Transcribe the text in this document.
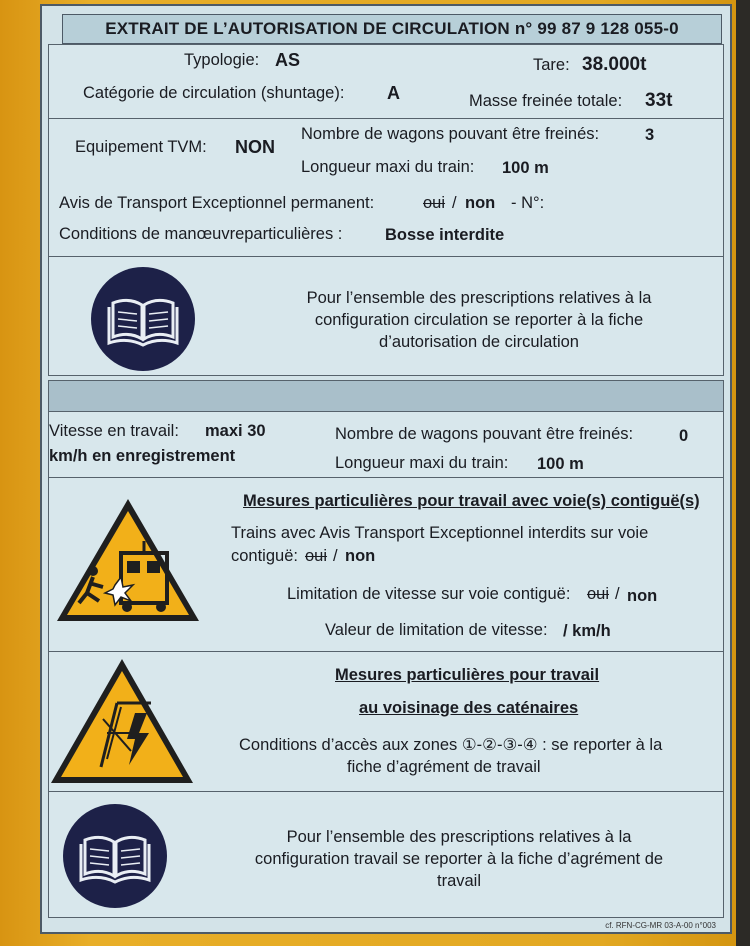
EXTRAIT DE L’AUTORISATION DE CIRCULATION n° 99 87 9 128 055-0
Typologie: AS	Tare: 38.000t
Catégorie de circulation (shuntage): A	Masse freinée totale: 33t
Equipement TVM: NON
Nombre de wagons pouvant être freinés:	3
Longueur maxi du train: 100 m
Avis de Transport Exceptionnel permanent:	oui / non - N°:
Conditions de manœuvreparticulières :	Bosse interdite
Pour l’ensemble des prescriptions relatives à la
configuration circulation se reporter à la fiche
d’autorisation de circulation
Vitesse en travail: maxi 30
km/h en enregistrement
Nombre de wagons pouvant être freinés:	0
Longueur maxi du train: 100 m
Mesures particulières pour travail avec voie(s) contiguë(s)
Trains avec Avis Transport Exceptionnel interdits sur voie
contiguë: oui / non
Limitation de vitesse sur voie contiguë: oui / non
Valeur de limitation de vitesse: / km/h
Mesures particulières pour travail
au voisinage des caténaires
Conditions d’accès aux zones ①-②-③-④ : se reporter à la
fiche d’agrément de travail
Pour l’ensemble des prescriptions relatives à la
configuration travail se reporter à la fiche d’agrément de
travail
cf. RFN-CG-MR 03-A-00 n°003
